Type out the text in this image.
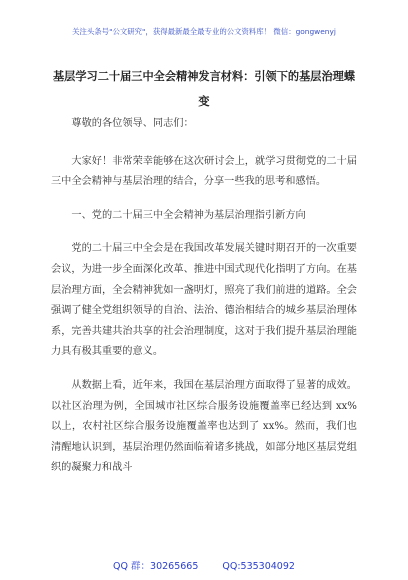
关注头条号"公文研究"，获得最新最全最专业的公文资料库！ 微信：gongwenyj
基层学习二十届三中全会精神发言材料：引领下的基层治理蝶变

尊敬的各位领导、同志们：

大家好！非常荣幸能够在这次研讨会上，就学习贯彻党的二十届三中全会精神与基层治理的结合，分享一些我的思考和感悟。

一、党的二十届三中全会精神为基层治理指引新方向

党的二十届三中全会是在我国改革发展关键时期召开的一次重要会议，为进一步全面深化改革、推进中国式现代化指明了方向。在基层治理方面，全会精神犹如一盏明灯，照亮了我们前进的道路。全会强调了健全党组织领导的自治、法治、德治相结合的城乡基层治理体系，完善共建共治共享的社会治理制度，这对于我们提升基层治理能力具有极其重要的意义。

从数据上看，近年来，我国在基层治理方面取得了显著的成效。以社区治理为例，全国城市社区综合服务设施覆盖率已经达到 xx%以上，农村社区综合服务设施覆盖率也达到了 xx%。然而，我们也清醒地认识到，基层治理仍然面临着诸多挑战，如部分地区基层党组织的凝聚力和战斗

QQ 群：30265665	QQ:535304092
